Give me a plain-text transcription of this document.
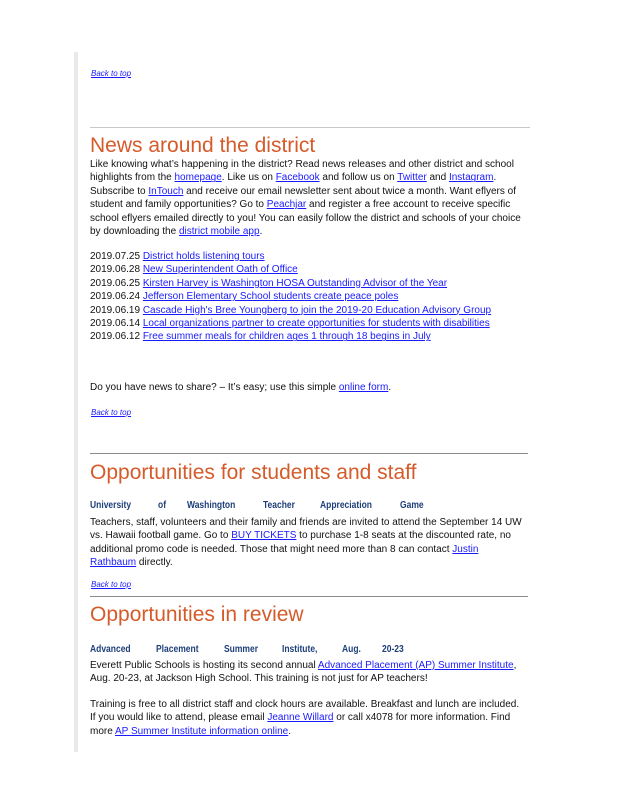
Back to top
News around the district
Like knowing what’s happening in the district? Read news releases and other district and school highlights from the homepage. Like us on Facebook and follow us on Twitter and Instagram. Subscribe to InTouch and receive our email newsletter sent about twice a month. Want eflyers of student and family opportunities? Go to Peachjar and register a free account to receive specific school eflyers emailed directly to you! You can easily follow the district and schools of your choice by downloading the district mobile app.
2019.07.25 District holds listening tours
2019.06.28 New Superintendent Oath of Office
2019.06.25 Kirsten Harvey is Washington HOSA Outstanding Advisor of the Year
2019.06.24 Jefferson Elementary School students create peace poles
2019.06.19 Cascade High's Bree Youngberg to join the 2019-20 Education Advisory Group
2019.06.14 Local organizations partner to create opportunities for students with disabilities
2019.06.12 Free summer meals for children ages 1 through 18 begins in July
Do you have news to share? – It’s easy; use this simple online form.
Back to top
Opportunities for students and staff
University	of Washington	Teacher	Appreciation	Game
Teachers, staff, volunteers and their family and friends are invited to attend the September 14 UW vs. Hawaii football game. Go to BUY TICKETS to purchase 1-8 seats at the discounted rate, no additional promo code is needed. Those that might need more than 8 can contact Justin Rathbaum directly.
Back to top
Opportunities in review
Advanced	Placement	Summer Institute, Aug. 20-23
Everett Public Schools is hosting its second annual Advanced Placement (AP) Summer Institute, Aug. 20-23, at Jackson High School. This training is not just for AP teachers!
Training is free to all district staff and clock hours are available. Breakfast and lunch are included. If you would like to attend, please email Jeanne Willard or call x4078 for more information. Find more AP Summer Institute information online.
